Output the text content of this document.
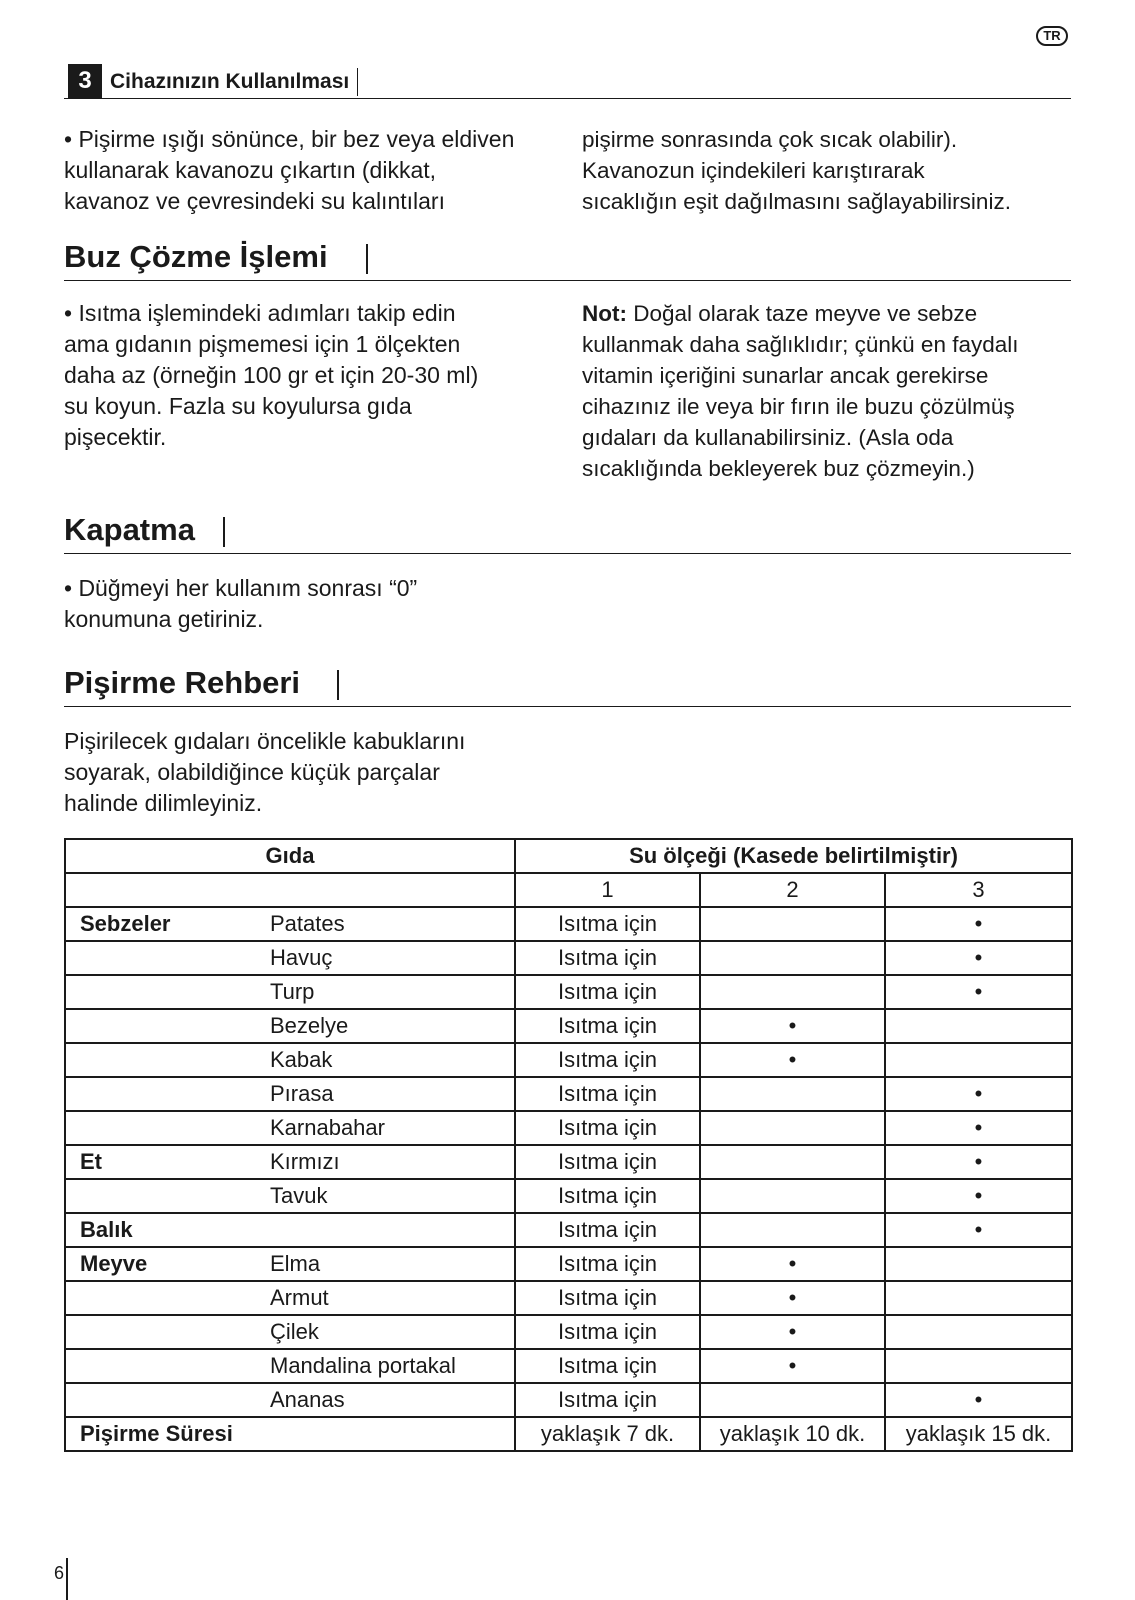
TR
3 Cihazınızın Kullanılması
• Pişirme ışığı sönünce, bir bez veya eldiven
kullanarak kavanozu çıkartın (dikkat,
kavanoz ve çevresindeki su kalıntıları
pişirme sonrasında çok sıcak olabilir).
Kavanozun içindekileri karıştırarak
sıcaklığın eşit dağılmasını sağlayabilirsiniz.
Buz Çözme İşlemi
• Isıtma işlemindeki adımları takip edin
ama gıdanın pişmemesi için 1 ölçekten
daha az (örneğin 100 gr et için 20-30 ml)
su koyun. Fazla su koyulursa gıda
pişecektir.
Not: Doğal olarak taze meyve ve sebze
kullanmak daha sağlıklıdır; çünkü en faydalı
vitamin içeriğini sunarlar ancak gerekirse
cihazınız ile veya bir fırın ile buzu çözülmüş
gıdaları da kullanabilirsiniz. (Asla oda
sıcaklığında bekleyerek buz çözmeyin.)
Kapatma
• Düğmeyi her kullanım sonrası “0”
konumuna getiriniz.
Pişirme Rehberi
Pişirilecek gıdaları öncelikle kabuklarını
soyarak, olabildiğince küçük parçalar
halinde dilimleyiniz.
Gıda	Su ölçeği (Kasede belirtilmiştir)		
	1	2	3
Sebzeler Patates	Isıtma için		•
Havuç	Isıtma için		•
Turp	Isıtma için		•
Bezelye	Isıtma için	•	
Kabak	Isıtma için	•	
Pırasa	Isıtma için		•
Karnabahar	Isıtma için		•
Et Kırmızı	Isıtma için		•
Tavuk	Isıtma için		•
Balık	Isıtma için		•
Meyve Elma	Isıtma için	•	
Armut	Isıtma için	•	
Çilek	Isıtma için	•	
Mandalina portakal	Isıtma için	•	
Ananas	Isıtma için		•
Pişirme Süresi	yaklaşık 7 dk.	yaklaşık 10 dk.	yaklaşık 15 dk.
6
